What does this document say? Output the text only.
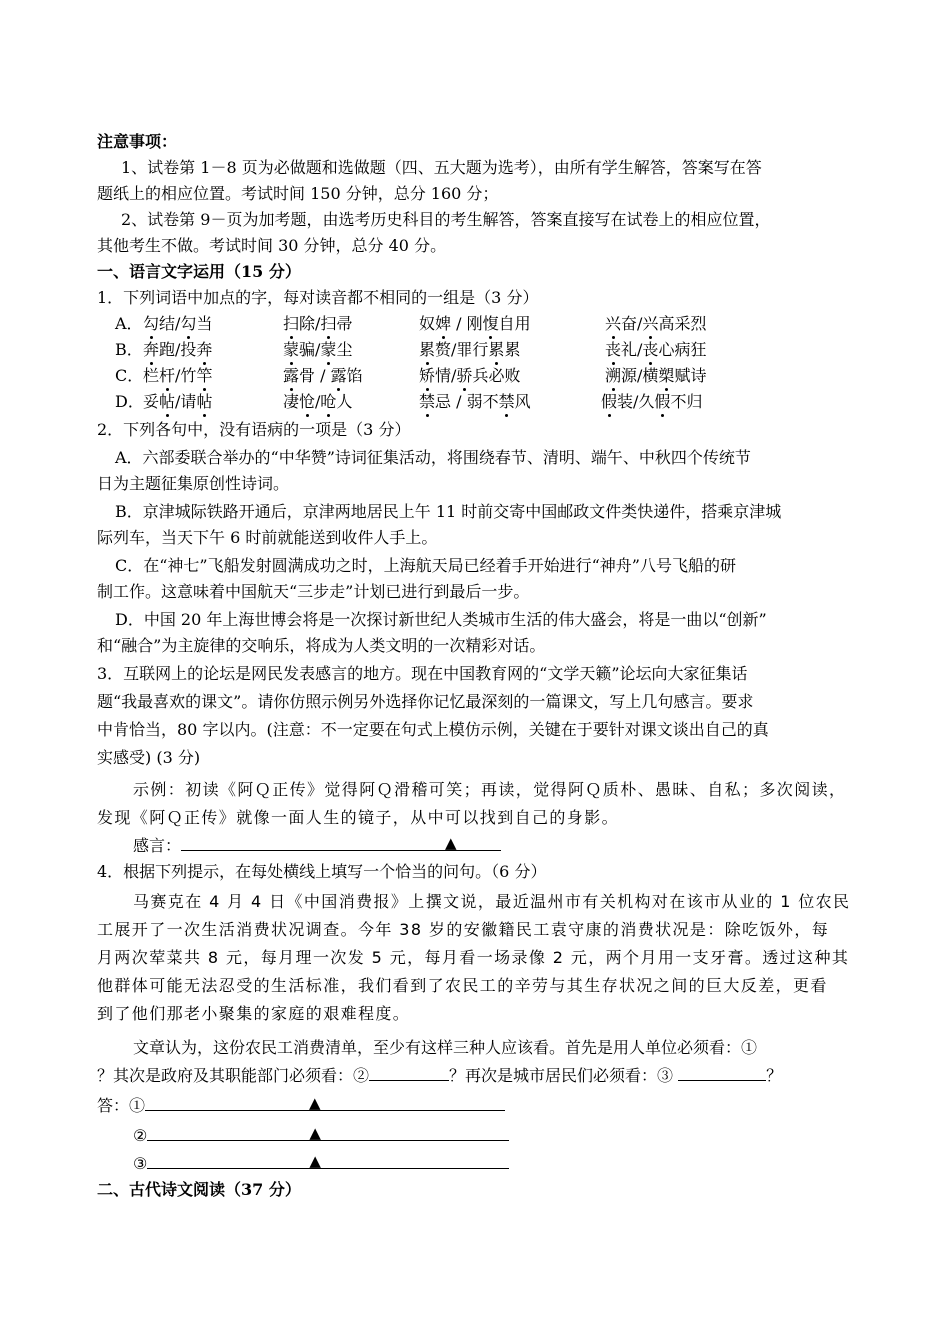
注意事项：
1、试卷第 1－8 页为必做题和选做题（四、五大题为选考），由所有学生解答，答案写在答
题纸上的相应位置。考试时间 150 分钟，总分 160 分；
2、试卷第 9－页为加考题，由选考历史科目的考生解答，答案直接写在试卷上的相应位置，
其他考生不做。考试时间 30 分钟，总分 40 分。
一、语言文字运用（15 分）
1．下列词语中加点的字，每对读音都不相同的一组是（3 分）
A． 勾结/勾当	扫除/扫帚	奴婢 / 刚愎自用	兴奋/兴高采烈
B． 奔跑/投奔	蒙骗/蒙尘	累赘/罪行累累	丧礼/丧心病狂
C． 栏杆/竹竿	露骨 / 露馅	矫情/骄兵必败	溯源/横槊赋诗
D． 妥帖/请帖	凄怆/呛人	禁忌 / 弱不禁风	假装/久假不归
2．下列各句中，没有语病的一项是（3 分）
A．六部委联合举办的“中华赞”诗词征集活动，将围绕春节、清明、端午、中秋四个传统节
日为主题征集原创性诗词。
B．京津城际铁路开通后，京津两地居民上午 11 时前交寄中国邮政文件类快递件，搭乘京津城
际列车，当天下午 6 时前就能送到收件人手上。
C．在“神七”飞船发射圆满成功之时，上海航天局已经着手开始进行“神舟”八号飞船的研
制工作。这意味着中国航天“三步走”计划已进行到最后一步。
D．中国 20 年上海世博会将是一次探讨新世纪人类城市生活的伟大盛会，将是一曲以“创新”
和“融合”为主旋律的交响乐，将成为人类文明的一次精彩对话。
3．互联网上的论坛是网民发表感言的地方。现在中国教育网的“文学天籁”论坛向大家征集话
题“我最喜欢的课文”。请你仿照示例另外选择你记忆最深刻的一篇课文，写上几句感言。要求
中肯恰当，80 字以内。(注意：不一定要在句式上模仿示例，关键在于要针对课文谈出自己的真
实感受) (3 分)
示例：初读《阿Ｑ正传》觉得阿Ｑ滑稽可笑；再读，觉得阿Ｑ质朴、愚昧、自私；多次阅读，
发现《阿Ｑ正传》就像一面人生的镜子，从中可以找到自己的身影。
感言：	▲
4．根据下列提示，在每处横线上填写一个恰当的问句。（6 分）
马赛克在 4 月 4 日《中国消费报》上撰文说，最近温州市有关机构对在该市从业的 1 位农民
工展开了一次生活消费状况调查。今年 38 岁的安徽籍民工袁守康的消费状况是：除吃饭外，每
月两次荤菜共 8 元，每月理一次发 5 元，每月看一场录像 2 元，两个月用一支牙膏。透过这种其
他群体可能无法忍受的生活标准，我们看到了农民工的辛劳与其生存状况之间的巨大反差，更看
到了他们那老小聚集的家庭的艰难程度。
文章认为，这份农民工消费清单，至少有这样三种人应该看。首先是用人单位必须看：①
？其次是政府及其职能部门必须看：②	？再次是城市居民们必须看：③	？
答：①	▲
②	▲
③	▲
二、古代诗文阅读（37 分）
